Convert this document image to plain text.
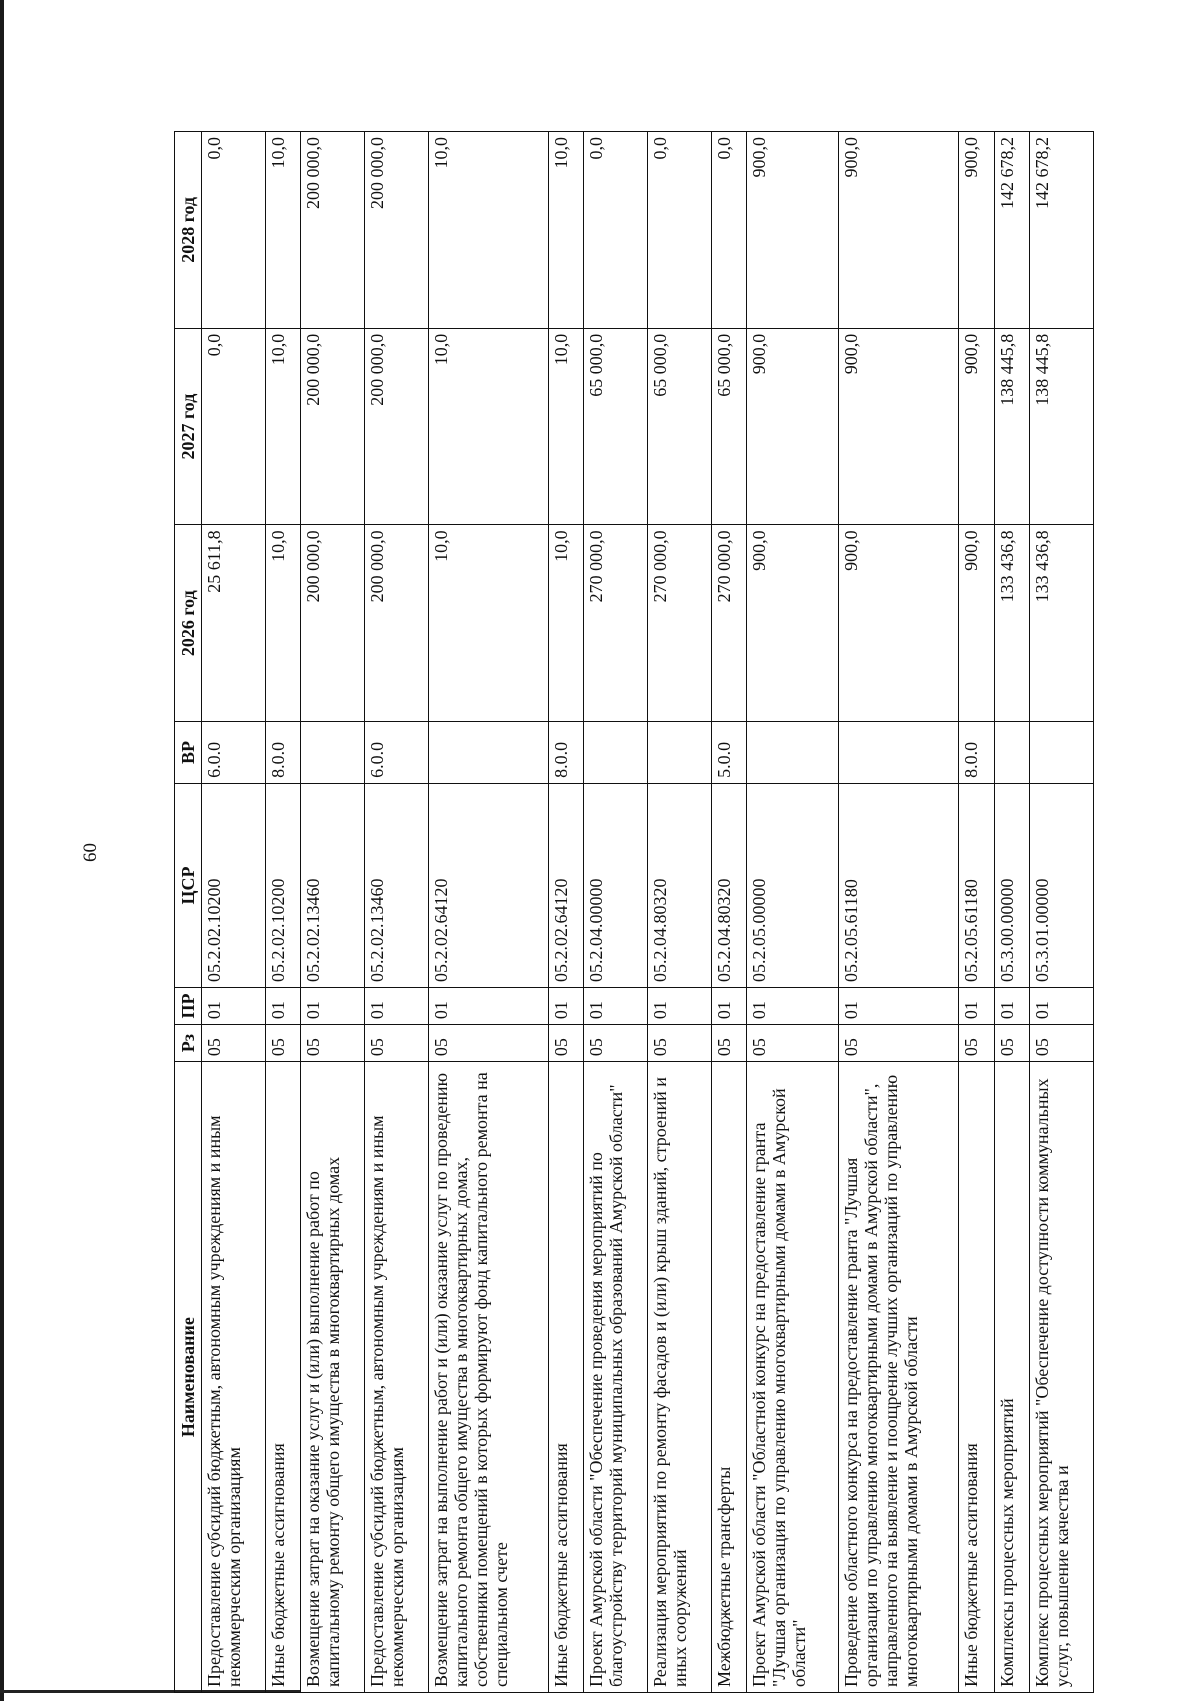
60
Наименование	Рз	ПР	ЦСР	ВР	2026 год	2027 год	2028 год
Предоставление субсидий бюджетным, автономным учреждениям и иным некоммерческим организациям	05	01	05.2.02.10200	6.0.0	25 611,8	0,0	0,0
Иные бюджетные ассигнования	05	01	05.2.02.10200	8.0.0	10,0	10,0	10,0
Возмещение затрат на оказание услуг и (или) выполнение работ по капитальному ремонту общего имущества в многоквартирных домах	05	01	05.2.02.13460		200 000,0	200 000,0	200 000,0
Предоставление субсидий бюджетным, автономным учреждениям и иным некоммерческим организациям	05	01	05.2.02.13460	6.0.0	200 000,0	200 000,0	200 000,0
Возмещение затрат на выполнение работ и (или) оказание услуг по проведению капитального ремонта общего имущества в многоквартирных домах, собственники помещений в которых формируют фонд капитального ремонта на специальном счете	05	01	05.2.02.64120		10,0	10,0	10,0
Иные бюджетные ассигнования	05	01	05.2.02.64120	8.0.0	10,0	10,0	10,0
Проект Амурской области "Обеспечение проведения мероприятий по благоустройству территорий муниципальных образований Амурской области"	05	01	05.2.04.00000		270 000,0	65 000,0	0,0
Реализация мероприятий по ремонту фасадов и (или) крыш зданий, строений и иных сооружений	05	01	05.2.04.80320		270 000,0	65 000,0	0,0
Межбюджетные трансферты	05	01	05.2.04.80320	5.0.0	270 000,0	65 000,0	0,0
Проект Амурской области "Областной конкурс на предоставление гранта "Лучшая организация по управлению многоквартирными домами в Амурской области"	05	01	05.2.05.00000		900,0	900,0	900,0
Проведение областного конкурса на предоставление гранта "Лучшая организация по управлению многоквартирными домами в Амурской области", направленного на выявление и поощрение лучших организаций по управлению многоквартирными домами в Амурской области	05	01	05.2.05.61180		900,0	900,0	900,0
Иные бюджетные ассигнования	05	01	05.2.05.61180	8.0.0	900,0	900,0	900,0
Комплексы процессных мероприятий	05	01	05.3.00.00000		133 436,8	138 445,8	142 678,2
Комплекс процессных мероприятий "Обеспечение доступности коммунальных услуг, повышение качества и	05	01	05.3.01.00000		133 436,8	138 445,8	142 678,2
